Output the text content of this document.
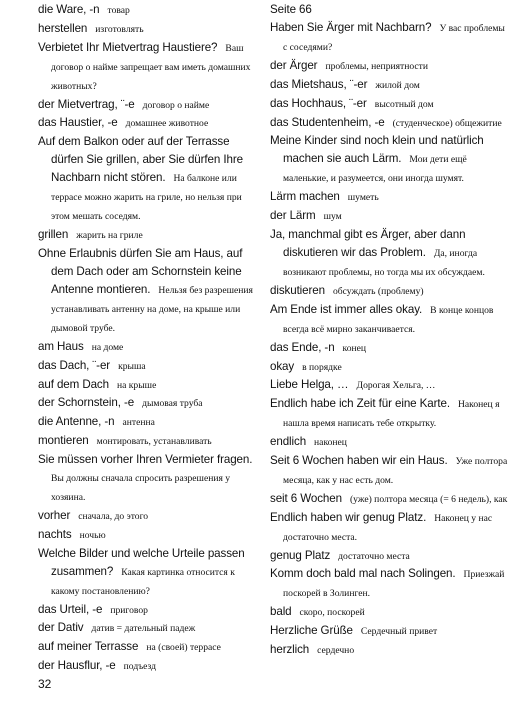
die Ware, -n товар

herstellen изготовлять

Verbietet Ihr Mietvertrag Haustiere? Ваш договор о найме запрещает вам иметь домашних животных?

der Mietvertrag, ¨-e договор о найме

das Haustier, -e домашнее животное

Auf dem Balkon oder auf der Terrasse dürfen Sie grillen, aber Sie dürfen Ihre Nachbarn nicht stören. На балконе или террасе можно жарить на гриле, но нельзя при этом мешать соседям.

grillen жарить на гриле

Ohne Erlaubnis dürfen Sie am Haus, auf dem Dach oder am Schornstein keine Antenne montieren. Нельзя без разрешения устанавливать антенну на доме, на крыше или дымовой трубе.

am Haus на доме

das Dach, ¨-er крыша

auf dem Dach на крыше

der Schornstein, -e дымовая труба

die Antenne, -n антенна

montieren монтировать, устанавливать

Sie müssen vorher Ihren Vermieter fragen.Вы должны сначала спросить разрешения у хозяина.

vorher сначала, до этого

nachts ночью

Welche Bilder und welche Urteile passen zusammen? Какая картинка относится к какому постановлению?

das Urteil, -e приговор

der Dativ датив = дательный падеж

auf meiner Terrasse на (своей) террасе

der Hausflur, -e подъезд

Seite 66

Haben Sie Ärger mit Nachbarn? У вас проблемы с соседями?

der Ärger проблемы, неприятности

das Mietshaus, ¨-er жилой дом

das Hochhaus, ¨-er высотный дом

das Studentenheim, -e (студенческое) общежитие

Meine Kinder sind noch klein und natürlich machen sie auch Lärm. Мои дети ещё маленькие, и разумеется, они иногда шумят.

Lärm machen шуметь

der Lärm шум

Ja, manchmal gibt es Ärger, aber dann diskutieren wir das Problem. Да, иногда возникают проблемы, но тогда мы их обсуждаем.

diskutieren обсуждать (проблему)

Am Ende ist immer alles okay. В конце концов всегда всё мирно заканчивается.

das Ende, -n конец

okay в порядке

Liebe Helga, … Дорогая Хельга, …

Endlich habe ich Zeit für eine Karte. Наконец я нашла время написать тебе открытку.

endlich наконец

Seit 6 Wochen haben wir ein Haus. Уже полтора месяца, как у нас есть дом.

seit 6 Wochen (уже) полтора месяца (= 6 недель), как

Endlich haben wir genug Platz. Наконец у нас достаточно места.

genug Platz достаточно места

Komm doch bald mal nach Solingen. Приезжай поскорей в Золинген.

bald скоро, поскорей

Herzliche Grüße Сердечный привет

herzlich сердечно

32
